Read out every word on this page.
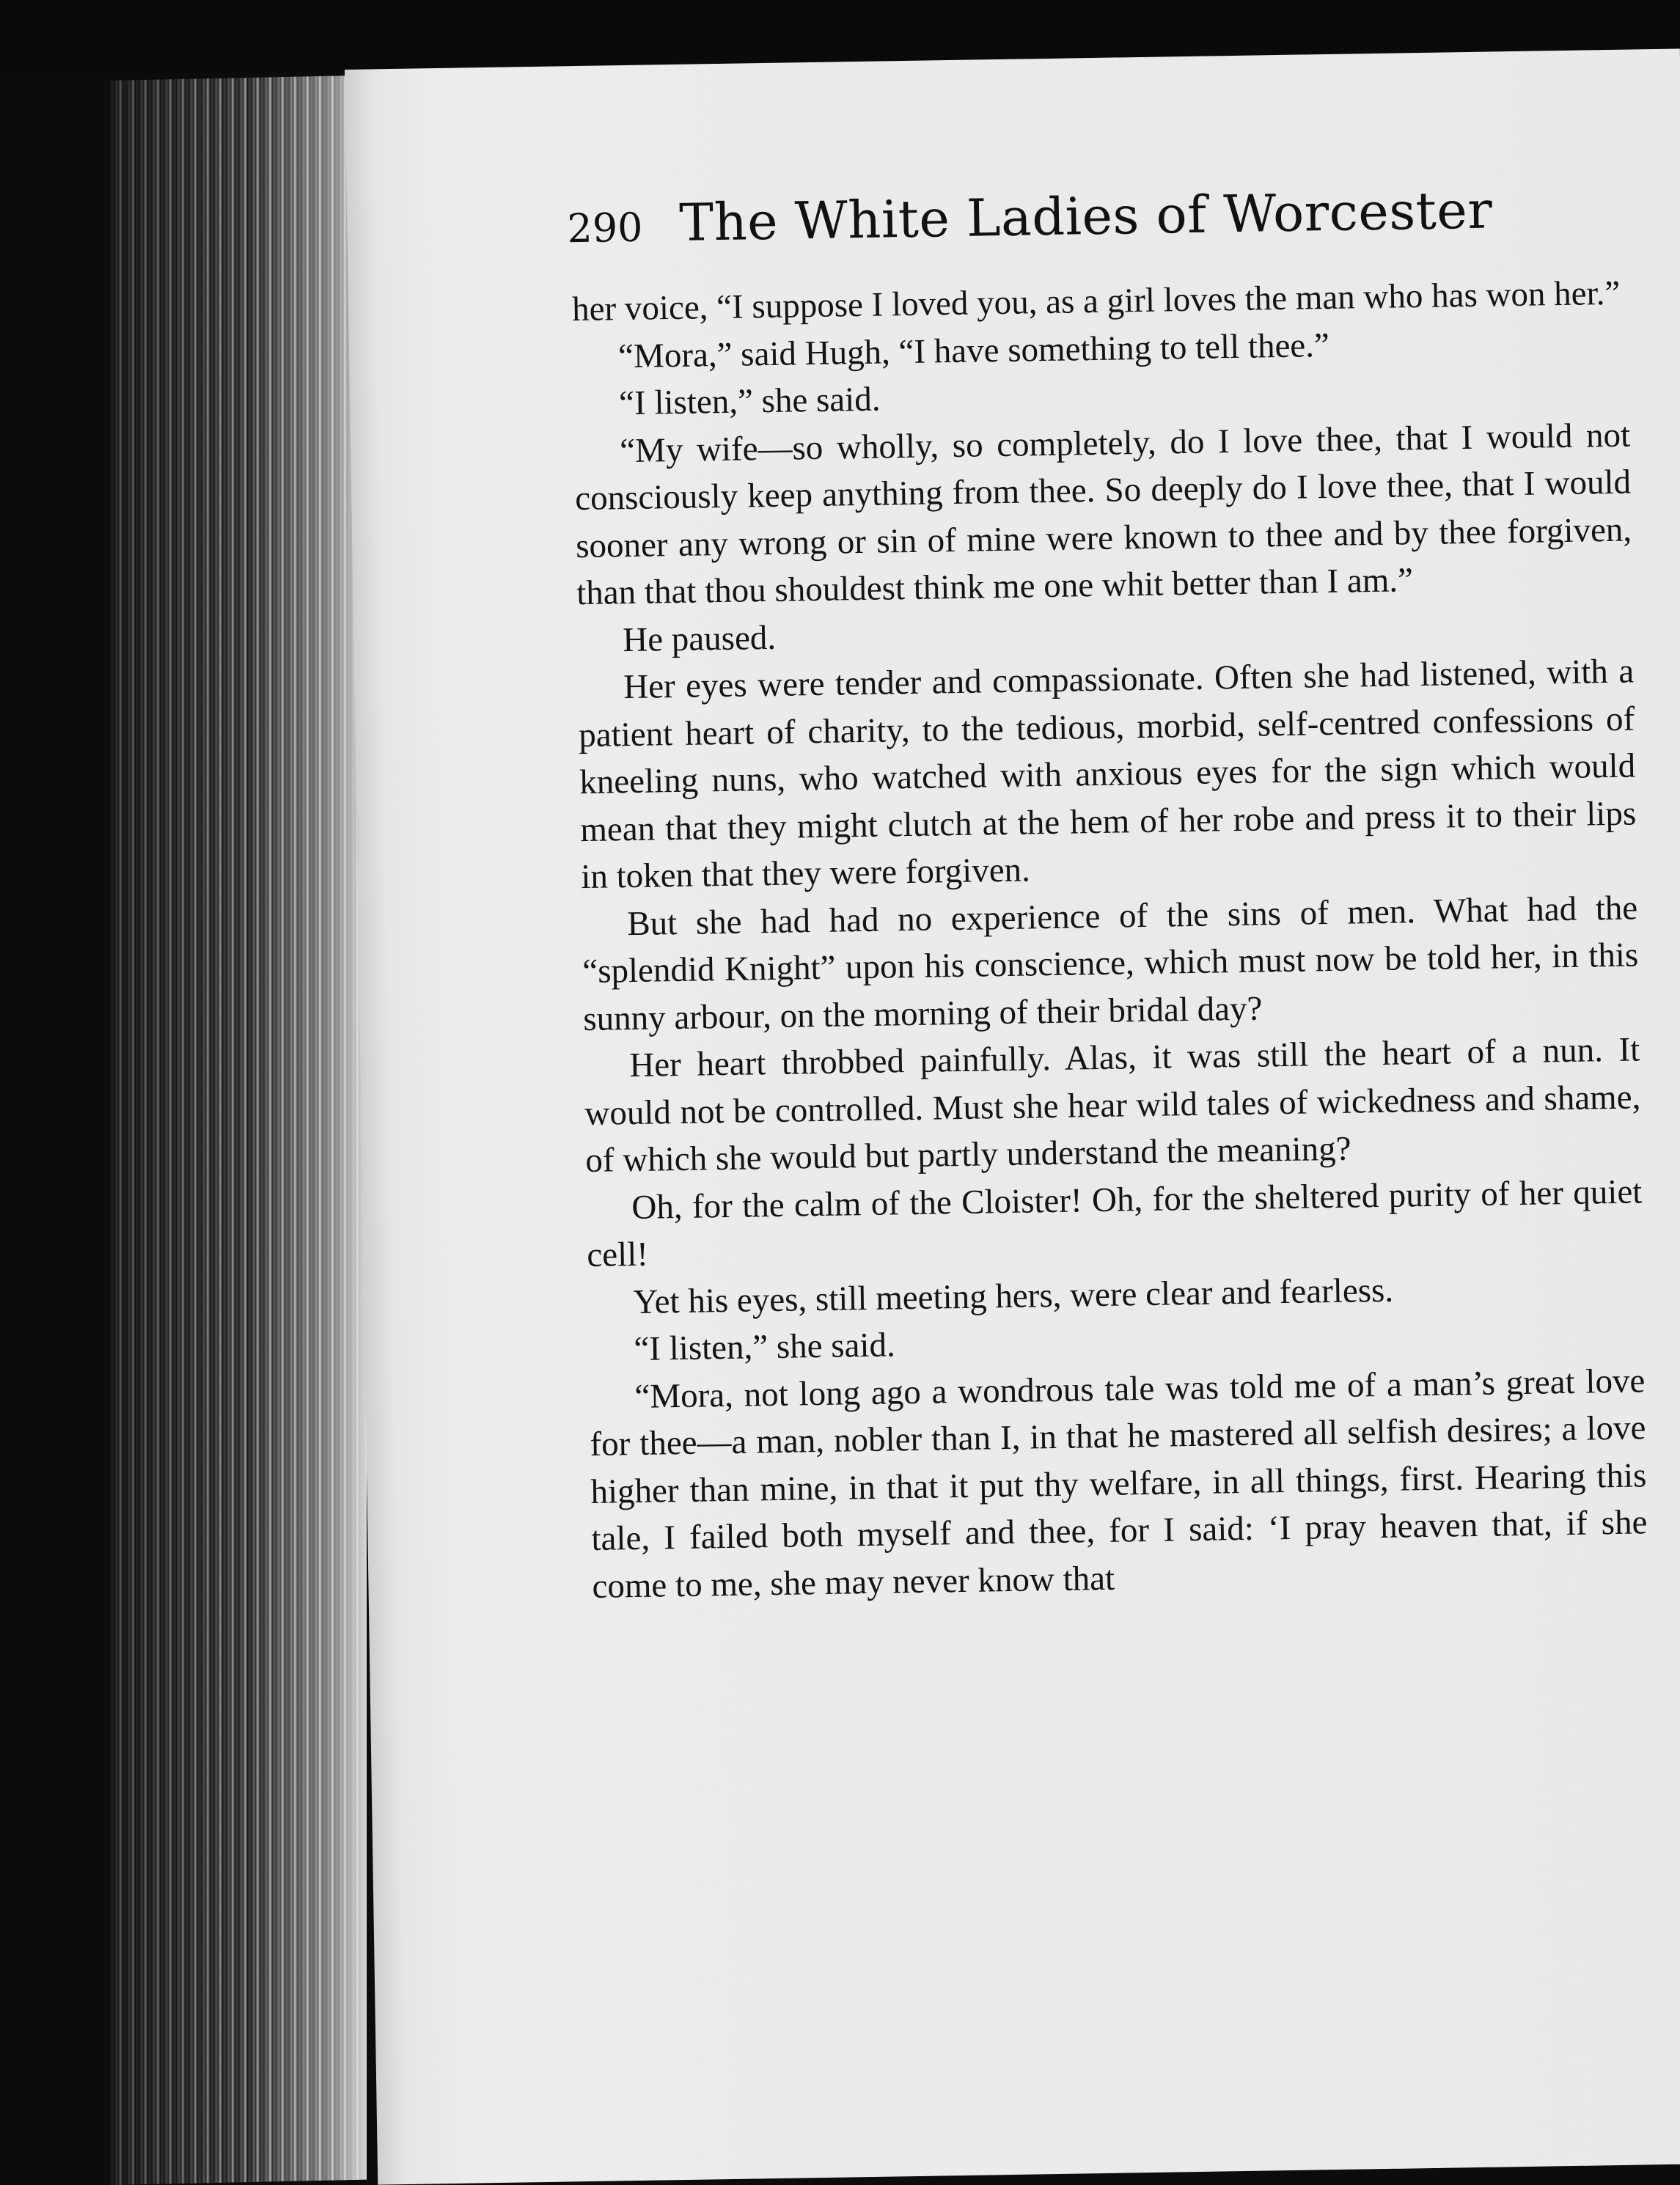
290 The White Ladies of Worcester

her voice, “I suppose I loved you, as a girl loves the man who has won her.”

“Mora,” said Hugh, “I have something to tell thee.”

“I listen,” she said.

“My wife—so wholly, so completely, do I love thee, that I would not consciously keep anything from thee. So deeply do I love thee, that I would sooner any wrong or sin of mine were known to thee and by thee forgiven, than that thou shouldest think me one whit better than I am.”

He paused.

Her eyes were tender and compassionate. Often she had listened, with a patient heart of charity, to the tedious, morbid, self-centred confessions of kneeling nuns, who watched with anxious eyes for the sign which would mean that they might clutch at the hem of her robe and press it to their lips in token that they were forgiven.

But she had had no experience of the sins of men. What had the “splendid Knight” upon his conscience, which must now be told her, in this sunny arbour, on the morning of their bridal day?

Her heart throbbed painfully. Alas, it was still the heart of a nun. It would not be controlled. Must she hear wild tales of wickedness and shame, of which she would but partly understand the meaning?

Oh, for the calm of the Cloister! Oh, for the sheltered purity of her quiet cell!

Yet his eyes, still meeting hers, were clear and fearless.

“I listen,” she said.

“Mora, not long ago a wondrous tale was told me of a man’s great love for thee—a man, nobler than I, in that he mastered all selfish desires; a love higher than mine, in that it put thy welfare, in all things, first. Hearing this tale, I failed both myself and thee, for I said: ‘I pray heaven that, if she come to me, she may never know that
